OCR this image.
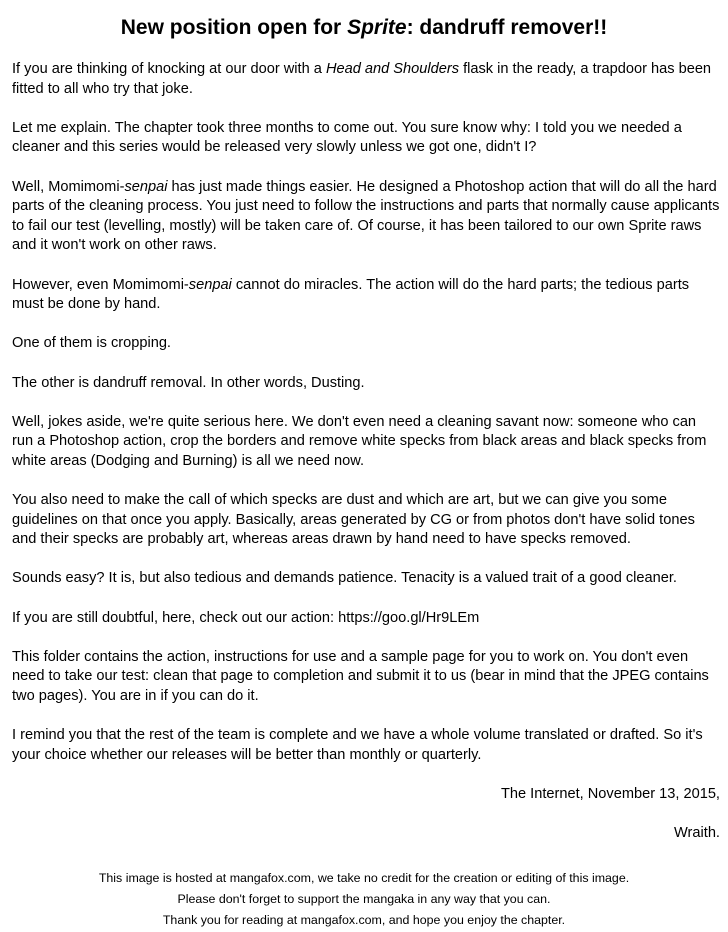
New position open for Sprite: dandruff remover!!

If you are thinking of knocking at our door with a Head and Shoulders flask in the ready, a trapdoor has been fitted to all who try that joke.

Let me explain. The chapter took three months to come out. You sure know why: I told you we needed a cleaner and this series would be released very slowly unless we got one, didn't I?

Well, Momimomi-senpai has just made things easier. He designed a Photoshop action that will do all the hard parts of the cleaning process. You just need to follow the instructions and parts that normally cause applicants to fail our test (levelling, mostly) will be taken care of. Of course, it has been tailored to our own Sprite raws and it won't work on other raws.

However, even Momimomi-senpai cannot do miracles. The action will do the hard parts; the tedious parts must be done by hand.

One of them is cropping.

The other is dandruff removal. In other words, Dusting.

Well, jokes aside, we're quite serious here. We don't even need a cleaning savant now: someone who can run a Photoshop action, crop the borders and remove white specks from black areas and black specks from white areas (Dodging and Burning) is all we need now.

You also need to make the call of which specks are dust and which are art, but we can give you some guidelines on that once you apply. Basically, areas generated by CG or from photos don't have solid tones and their specks are probably art, whereas areas drawn by hand need to have specks removed.

Sounds easy? It is, but also tedious and demands patience. Tenacity is a valued trait of a good cleaner.

If you are still doubtful, here, check out our action: https://goo.gl/Hr9LEm

This folder contains the action, instructions for use and a sample page for you to work on. You don't even need to take our test: clean that page to completion and submit it to us (bear in mind that the JPEG contains two pages). You are in if you can do it.

I remind you that the rest of the team is complete and we have a whole volume translated or drafted. So it's your choice whether our releases will be better than monthly or quarterly.

The Internet, November 13, 2015,

Wraith.

This image is hosted at mangafox.com, we take no credit for the creation or editing of this image.
Please don't forget to support the mangaka in any way that you can.
Thank you for reading at mangafox.com, and hope you enjoy the chapter.
